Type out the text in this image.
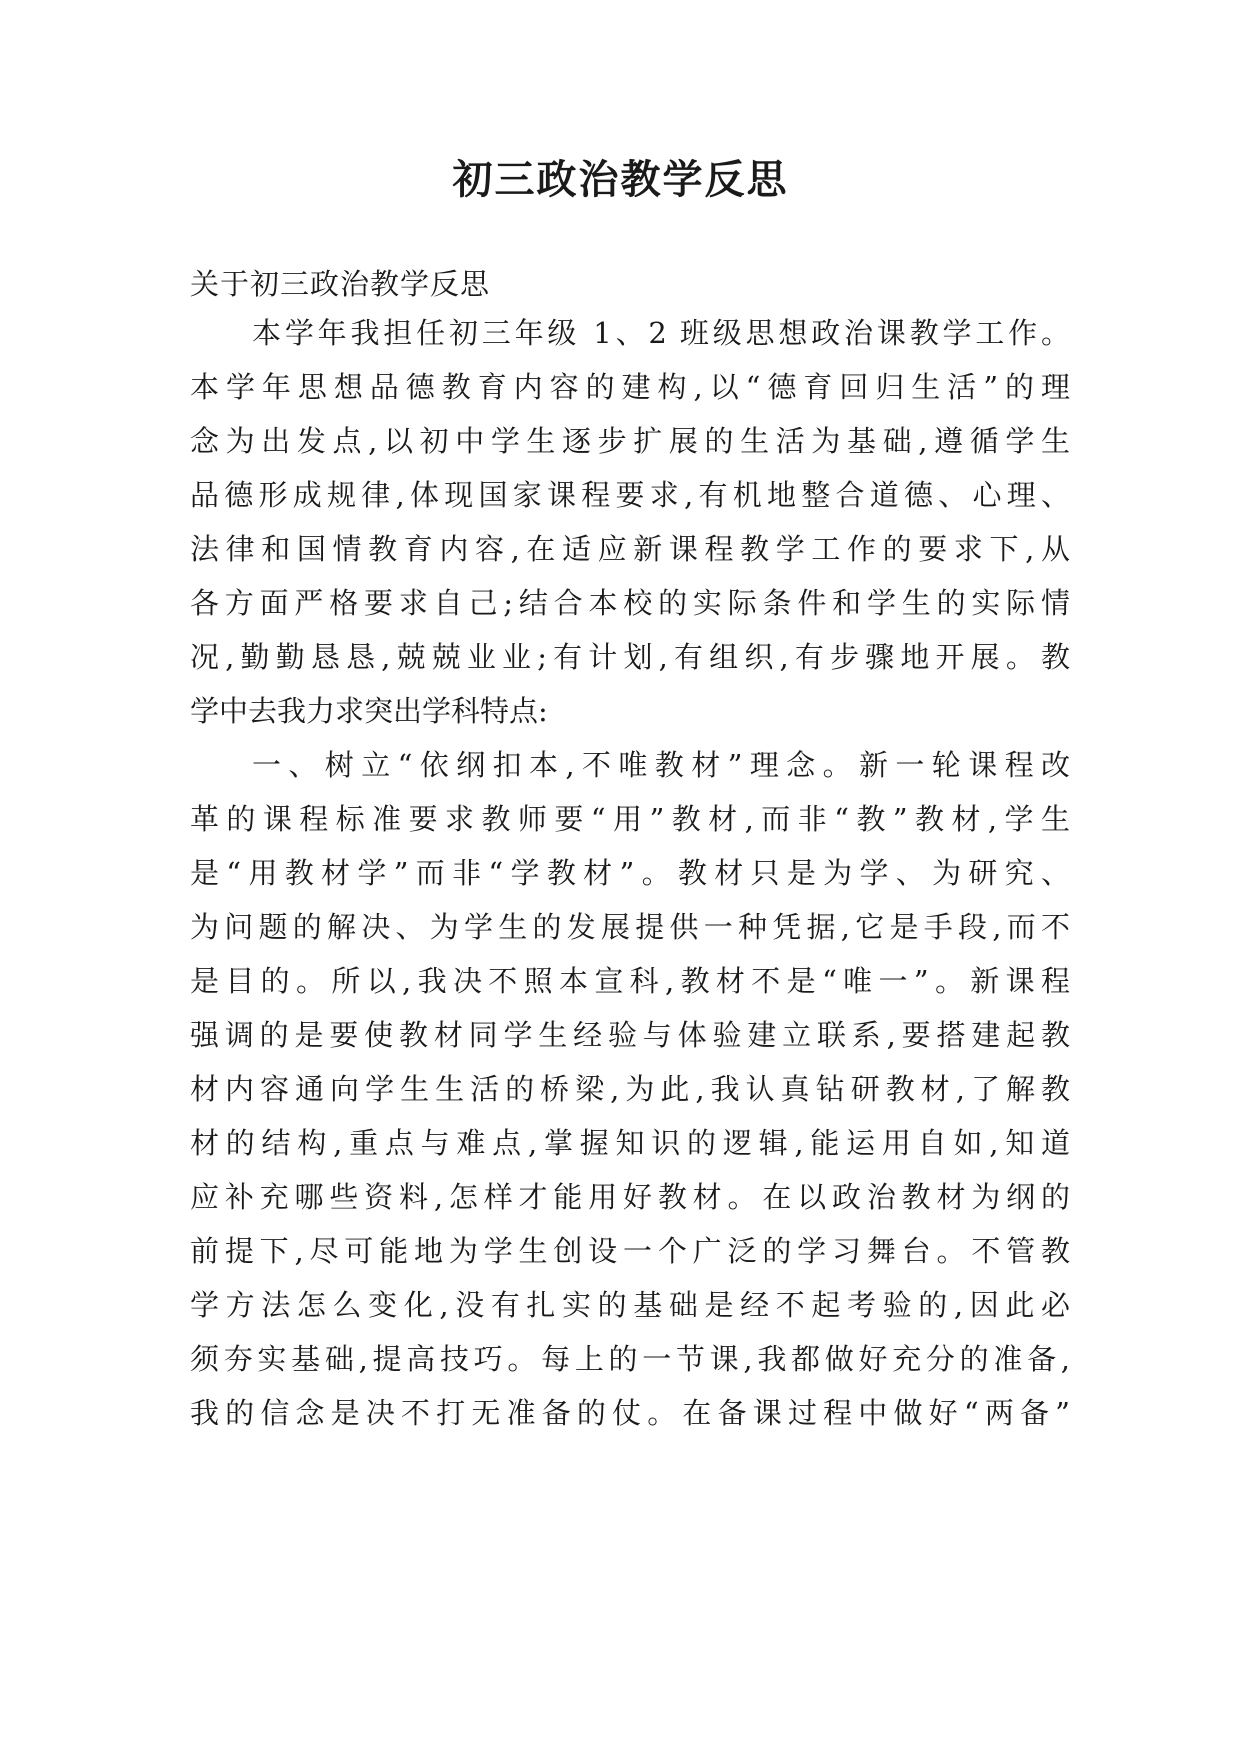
初三政治教学反思
关于初三政治教学反思
本学年我担任初三年级 1、2 班级思想政治课教学工作。
本学年思想品德教育内容的建构,以“德育回归生活”的理
念为出发点,以初中学生逐步扩展的生活为基础,遵循学生
品德形成规律,体现国家课程要求,有机地整合道德、心理、
法律和国情教育内容,在适应新课程教学工作的要求下,从
各方面严格要求自己;结合本校的实际条件和学生的实际情
况,勤勤恳恳,兢兢业业;有计划,有组织,有步骤地开展。教
学中去我力求突出学科特点:
一、树立“依纲扣本,不唯教材”理念。新一轮课程改
革的课程标准要求教师要“用”教材,而非“教”教材,学生
是“用教材学”而非“学教材”。教材只是为学、为研究、
为问题的解决、为学生的发展提供一种凭据,它是手段,而不
是目的。所以,我决不照本宣科,教材不是“唯一”。新课程
强调的是要使教材同学生经验与体验建立联系,要搭建起教
材内容通向学生生活的桥梁,为此,我认真钻研教材,了解教
材的结构,重点与难点,掌握知识的逻辑,能运用自如,知道
应补充哪些资料,怎样才能用好教材。在以政治教材为纲的
前提下,尽可能地为学生创设一个广泛的学习舞台。不管教
学方法怎么变化,没有扎实的基础是经不起考验的,因此必
须夯实基础,提高技巧。每上的一节课,我都做好充分的准备,
我的信念是决不打无准备的仗。在备课过程中做好“两备”
